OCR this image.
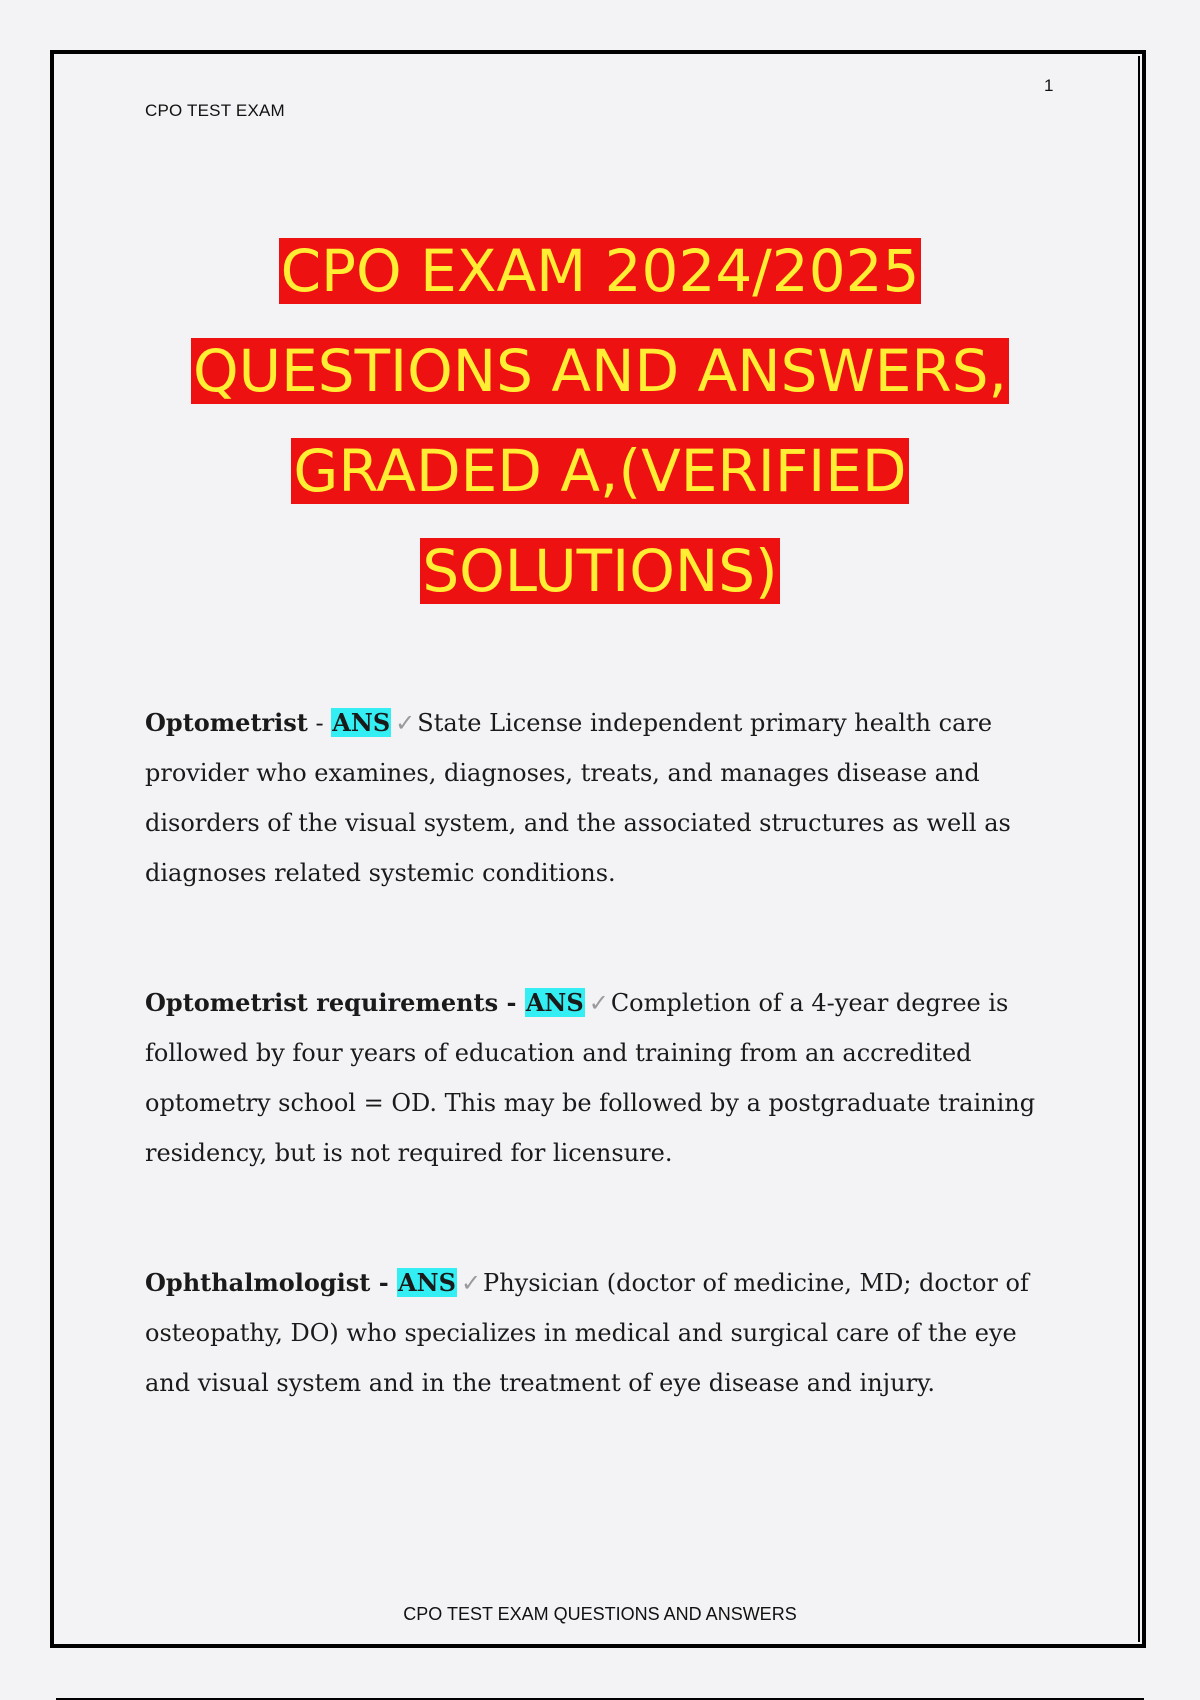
CPO TEST EXAM
1
CPO EXAM 2024/2025
QUESTIONS AND ANSWERS,
GRADED A,(VERIFIED
SOLUTIONS)
Optometrist - ANS ✓State License independent primary health care provider who examines, diagnoses, treats, and manages disease and disorders of the visual system, and the associated structures as well as diagnoses related systemic conditions.
Optometrist requirements - ANS ✓Completion of a 4-year degree is followed by four years of education and training from an accredited optometry school = OD. This may be followed by a postgraduate training residency, but is not required for licensure.
Ophthalmologist - ANS ✓Physician (doctor of medicine, MD; doctor of osteopathy, DO) who specializes in medical and surgical care of the eye and visual system and in the treatment of eye disease and injury.
CPO TEST EXAM QUESTIONS AND ANSWERS
